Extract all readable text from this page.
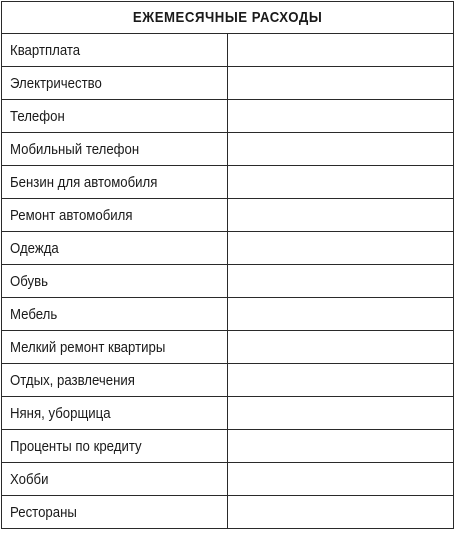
ЕЖЕМЕСЯЧНЫЕ РАСХОДЫ	
Квартплата	
Электричество	
Телефон	
Мобильный телефон	
Бензин для автомобиля	
Ремонт автомобиля	
Одежда	
Обувь	
Мебель	
Мелкий ремонт квартиры	
Отдых, развлечения	
Няня, уборщица	
Проценты по кредиту	
Хобби	
Рестораны	
